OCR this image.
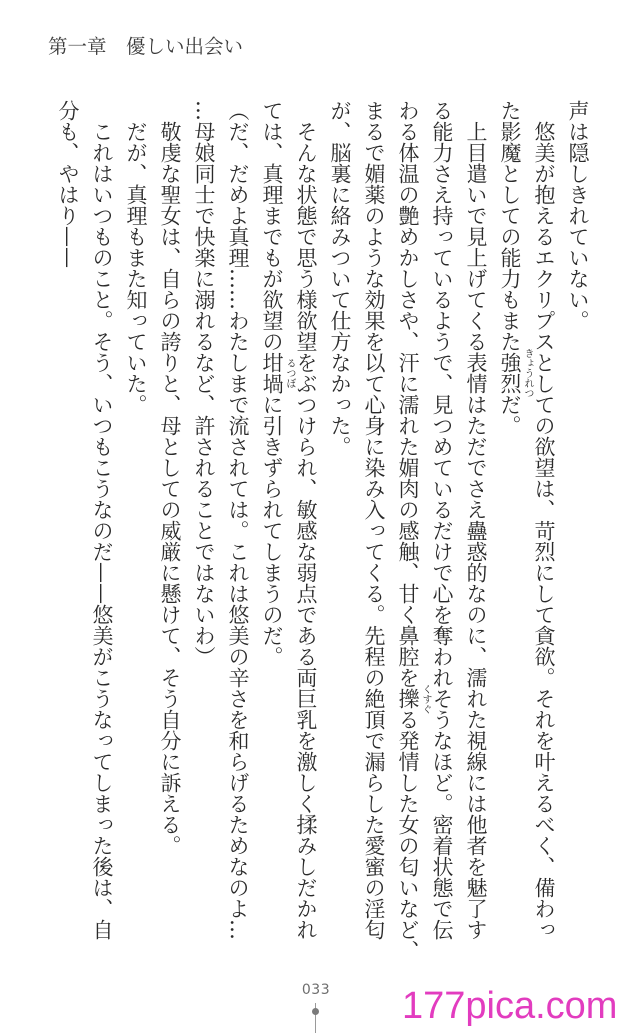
第一章　優しい出会い
声は隠しきれていない。
悠美が抱えるエクリプスとしての欲望は、苛烈にして貪欲。それを叶えるべく、備わっ
た影魔としての能力もまた強烈 きょうれつ
だ。
上目遣いで見上げてくる表情はただでさえ蠱惑的なのに、濡れた視線には他者を魅了す
る能力さえ持っているようで、見つめているだけで心を奪われそうなほど。密着状態で伝
わる体温の艶めかしさや、汗に濡れた媚肉の感触、甘く鼻腔を擽 くすぐ
る発情した女の匂いなど、
まるで媚薬のような効果を以て心身に染み入ってくる。先程の絶頂で漏らした愛蜜の淫匂
が、脳裏に絡みついて仕方なかった。
そんな状態で思う様欲望をぶつけられ、敏感な弱点である両巨乳を激しく揉みしだかれ
ては、真理までもが欲望の坩堝 るつぼ
に引きずられてしまうのだ。
（だ、だめよ真理……わたしまで流されては。これは悠美の辛さを和らげるためなのよ…
…母娘同士で快楽に溺れるなど、許されることではないわ）
敬虔な聖女は、自らの誇りと、母としての威厳に懸けて、そう自分に訴える。
だが、真理もまた知っていた。
これはいつものこと。そう、いつもこうなのだ——悠美がこうなってしまった後は、自
分も、やはり——
033 177pica.com
